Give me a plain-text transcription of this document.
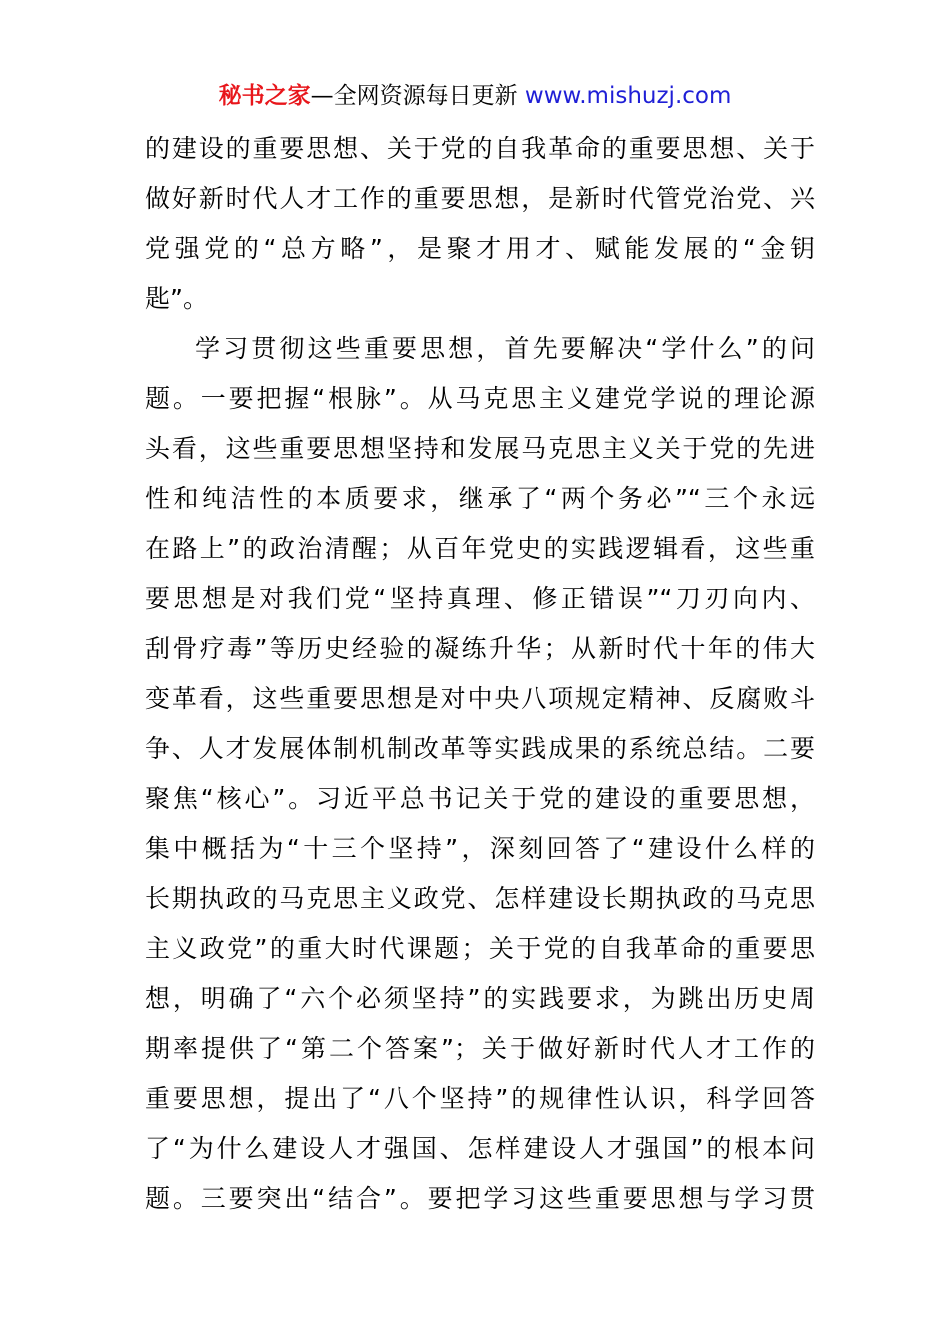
秘书之家—全网资源每日更新 www.mishuzj.com
的建设的重要思想、关于党的自我革命的重要思想、关于
做好新时代人才工作的重要思想，是新时代管党治党、兴
党强党的“总方略”，是聚才用才、赋能发展的“金钥
匙”。
学习贯彻这些重要思想，首先要解决“学什么”的问
题。一要把握“根脉”。从马克思主义建党学说的理论源
头看，这些重要思想坚持和发展马克思主义关于党的先进
性和纯洁性的本质要求，继承了“两个务必”“三个永远
在路上”的政治清醒；从百年党史的实践逻辑看，这些重
要思想是对我们党“坚持真理、修正错误”“刀刃向内、
刮骨疗毒”等历史经验的凝练升华；从新时代十年的伟大
变革看，这些重要思想是对中央八项规定精神、反腐败斗
争、人才发展体制机制改革等实践成果的系统总结。二要
聚焦“核心”。习近平总书记关于党的建设的重要思想，
集中概括为“十三个坚持”，深刻回答了“建设什么样的
长期执政的马克思主义政党、怎样建设长期执政的马克思
主义政党”的重大时代课题；关于党的自我革命的重要思
想，明确了“六个必须坚持”的实践要求，为跳出历史周
期率提供了“第二个答案”；关于做好新时代人才工作的
重要思想，提出了“八个坚持”的规律性认识，科学回答
了“为什么建设人才强国、怎样建设人才强国”的根本问
题。三要突出“结合”。要把学习这些重要思想与学习贯
